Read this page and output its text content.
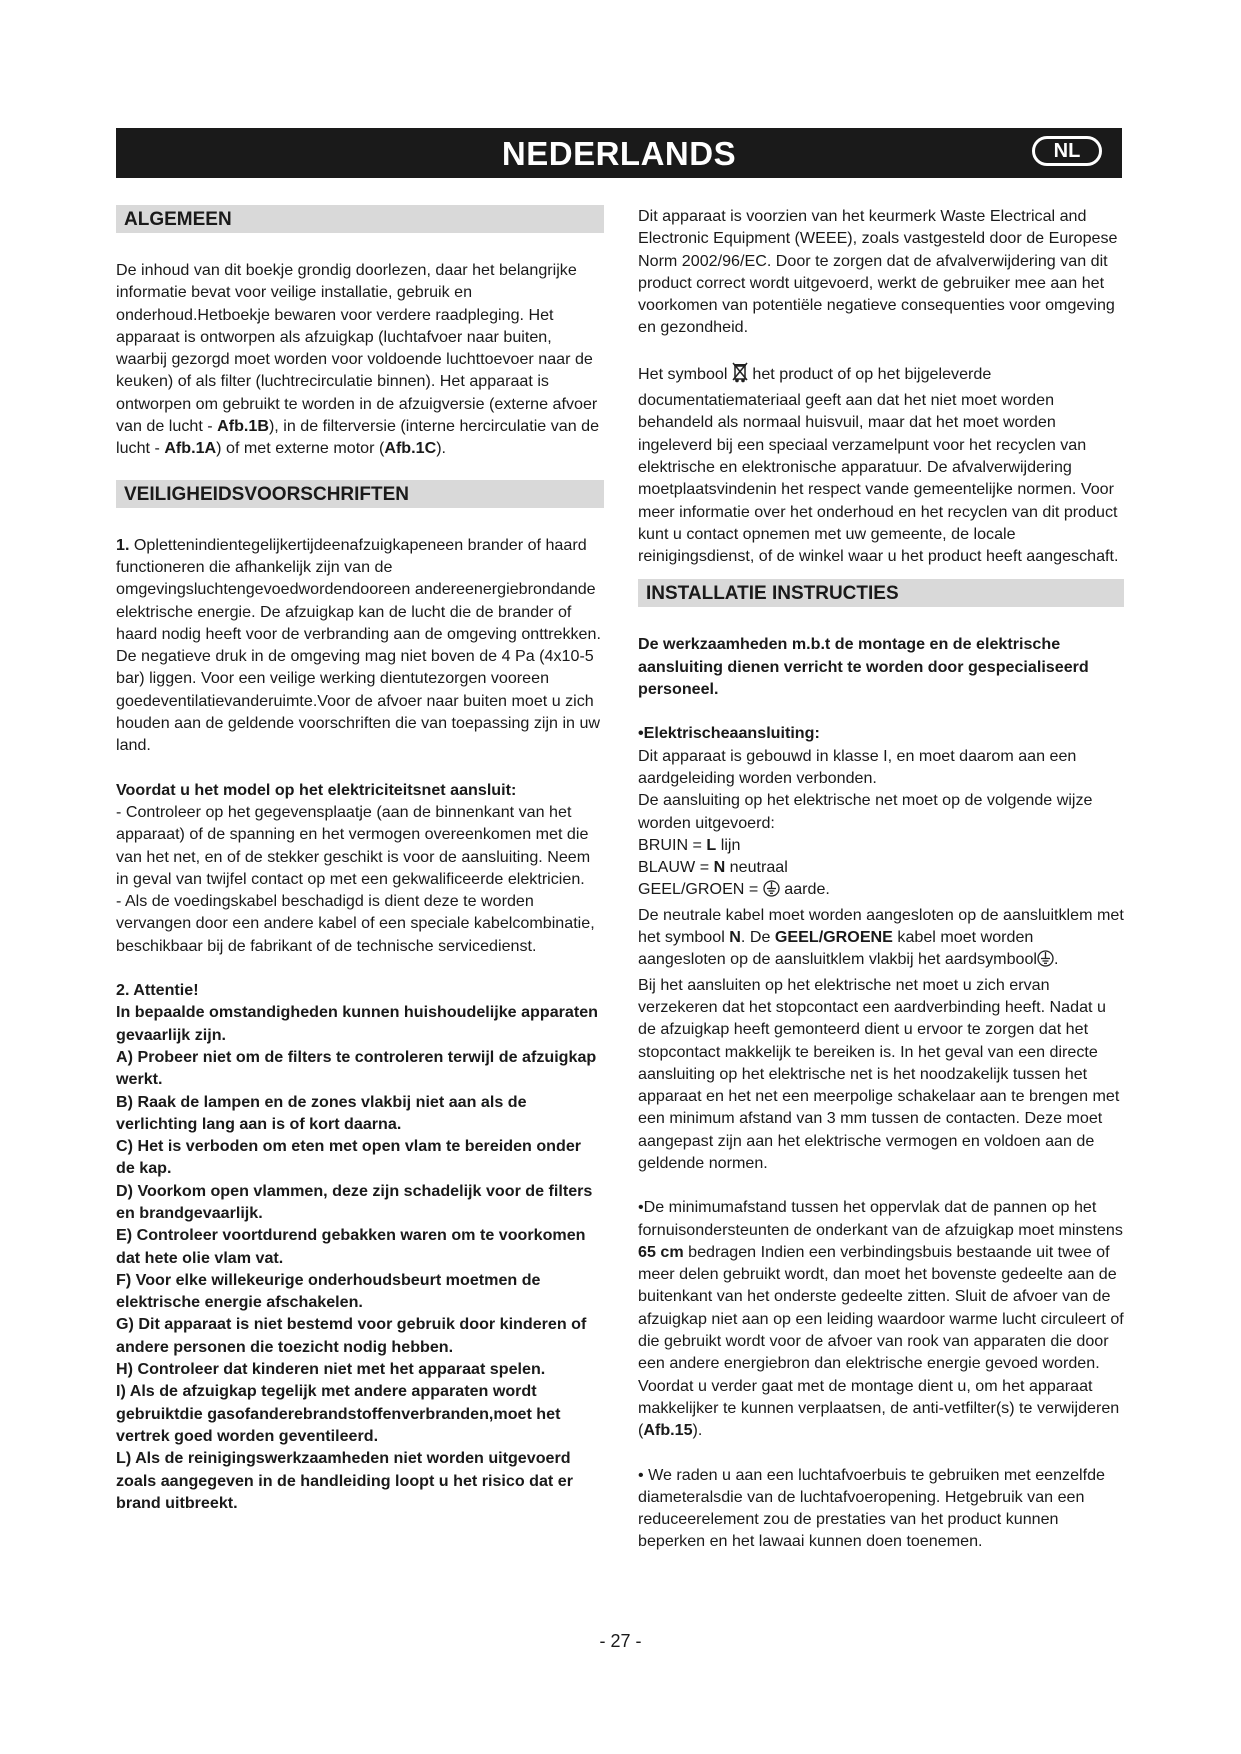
NEDERLANDS	NL
ALGEMEEN

De inhoud van dit boekje grondig doorlezen, daar het belangrijke informatie bevat voor veilige installatie, gebruik en onderhoud.Hetboekje bewaren voor verdere raadpleging. Het apparaat is ontworpen als afzuigkap (luchtafvoer naar buiten, waarbij gezorgd moet worden voor voldoende luchttoevoer naar de keuken) of als filter (luchtrecirculatie binnen). Het apparaat is ontworpen om gebruikt te worden in de afzuigversie (externe afvoer van de lucht - Afb.1B), in de filterversie (interne hercirculatie van de lucht - Afb.1A) of met externe motor (Afb.1C).

VEILIGHEIDSVOORSCHRIFTEN

1. Oplettenindientegelijkertijdeenafzuigkapeneen brander of haard functioneren die afhankelijk zijn van de omgevingsluchtengevoedwordendooreen andereenergiebrondande elektrische energie. De afzuigkap kan de lucht die de brander of haard nodig heeft voor de verbranding aan de omgeving onttrekken. De negatieve druk in de omgeving mag niet boven de 4 Pa (4x10-5 bar) liggen. Voor een veilige werking dientutezorgen vooreen goedeventilatievanderuimte.Voor de afvoer naar buiten moet u zich houden aan de geldende voorschriften die van toepassing zijn in uw land.

Voordat u het model op het elektriciteitsnet aansluit:

- Controleer op het gegevensplaatje (aan de binnenkant van het apparaat) of de spanning en het vermogen overeenkomen met die van het net, en of de stekker geschikt is voor de aansluiting. Neem in geval van twijfel contact op met een gekwalificeerde elektricien.

- Als de voedingskabel beschadigd is dient deze te worden vervangen door een andere kabel of een speciale kabelcombinatie, beschikbaar bij de fabrikant of de technische servicedienst.

2. Attentie!

In bepaalde omstandigheden kunnen huishoudelijke apparaten gevaarlijk zijn.

A) Probeer niet om de filters te controleren terwijl de afzuigkap werkt.

B) Raak de lampen en de zones vlakbij niet aan als de verlichting lang aan is of kort daarna.

C) Het is verboden om eten met open vlam te bereiden onder de kap.

D) Voorkom open vlammen, deze zijn schadelijk voor de filters en brandgevaarlijk.

E) Controleer voortdurend gebakken waren om te voorkomen dat hete olie vlam vat.

F) Voor elke willekeurige onderhoudsbeurt moetmen de elektrische energie afschakelen.

G) Dit apparaat is niet bestemd voor gebruik door kinderen of andere personen die toezicht nodig hebben.

H) Controleer dat kinderen niet met het apparaat spelen.

I) Als de afzuigkap tegelijk met andere apparaten wordt gebruiktdie gasofanderebrandstoffenverbranden,moet het vertrek goed worden geventileerd.

L) Als de reinigingswerkzaamheden niet worden uitgevoerd zoals aangegeven in de handleiding loopt u het risico dat er brand uitbreekt.

Dit apparaat is voorzien van het keurmerk Waste Electrical and Electronic Equipment (WEEE), zoals vastgesteld door de Europese Norm 2002/96/EC. Door te zorgen dat de afvalverwijdering van dit product correct wordt uitgevoerd, werkt de gebruiker mee aan het voorkomen van potentiële negatieve consequenties voor omgeving en gezondheid.

Het symbool  het product of op het bijgeleverde documentatiemateriaal geeft aan dat het niet moet worden behandeld als normaal huisvuil, maar dat het moet worden ingeleverd bij een speciaal verzamelpunt voor het recyclen van elektrische en elektronische apparatuur. De afvalverwijdering moetplaatsvindenin het respect vande gemeentelijke normen. Voor meer informatie over het onderhoud en het recyclen van dit product kunt u contact opnemen met uw gemeente, de locale reinigingsdienst, of de winkel waar u het product heeft aangeschaft.

INSTALLATIE INSTRUCTIES

De werkzaamheden m.b.t de montage en de elektrische aansluiting dienen verricht te worden door gespecialiseerd personeel.

•Elektrischeaansluiting:

Dit apparaat is gebouwd in klasse I, en moet daarom aan een aardgeleiding worden verbonden.

De aansluiting op het elektrische net moet op de volgende wijze worden uitgevoerd:

BRUIN = L lijn

BLAUW = N neutraal

GEEL/GROEN =  aarde.

De neutrale kabel moet worden aangesloten op de aansluitklem met het symbool N. De GEEL/GROENE kabel moet worden aangesloten op de aansluitklem vlakbij het aardsymbool .

Bij het aansluiten op het elektrische net moet u zich ervan verzekeren dat het stopcontact een aardverbinding heeft. Nadat u de afzuigkap heeft gemonteerd dient u ervoor te zorgen dat het stopcontact makkelijk te bereiken is. In het geval van een directe aansluiting op het elektrische net is het noodzakelijk tussen het apparaat en het net een meerpolige schakelaar aan te brengen met een minimum afstand van 3 mm tussen de contacten. Deze moet aangepast zijn aan het elektrische vermogen en voldoen aan de geldende normen.

•De minimumafstand tussen het oppervlak dat de pannen op het fornuisondersteunten de onderkant van de afzuigkap moet minstens 65 cm bedragen Indien een verbindingsbuis bestaande uit twee of meer delen gebruikt wordt, dan moet het bovenste gedeelte aan de buitenkant van het onderste gedeelte zitten. Sluit de afvoer van de afzuigkap niet aan op een leiding waardoor warme lucht circuleert of die gebruikt wordt voor de afvoer van rook van apparaten die door een andere energiebron dan elektrische energie gevoed worden. Voordat u verder gaat met de montage dient u, om het apparaat makkelijker te kunnen verplaatsen, de anti-vetfilter(s) te verwijderen (Afb.15).

• We raden u aan een luchtafvoerbuis te gebruiken met eenzelfde diameteralsdie van de luchtafvoeropening. Hetgebruik van een reduceerelement zou de prestaties van het product kunnen beperken en het lawaai kunnen doen toenemen.

- 27 -
